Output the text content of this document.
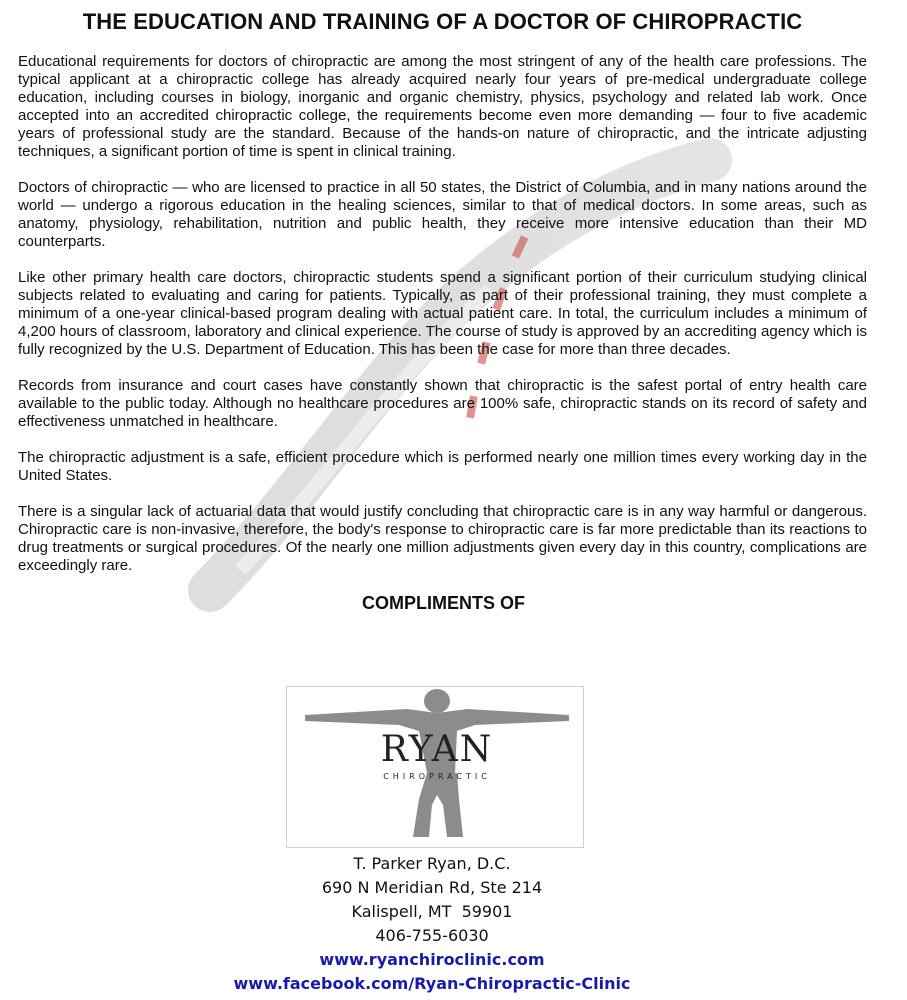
THE EDUCATION AND TRAINING OF A DOCTOR OF CHIROPRACTIC

Educational requirements for doctors of chiropractic are among the most stringent of any of the health care professions. The typical applicant at a chiropractic college has already acquired nearly four years of pre-medical undergraduate college education, including courses in biology, inorganic and organic chemistry, physics, psychology and related lab work. Once accepted into an accredited chiropractic college, the requirements become even more demanding — four to five academic years of professional study are the standard. Because of the hands-on nature of chiropractic, and the intricate adjusting techniques, a significant portion of time is spent in clinical training.

Doctors of chiropractic — who are licensed to practice in all 50 states, the District of Columbia, and in many nations around the world — undergo a rigorous education in the healing sciences, similar to that of medical doctors. In some areas, such as anatomy, physiology, rehabilitation, nutrition and public health, they receive more intensive education than their MD counterparts.

Like other primary health care doctors, chiropractic students spend a significant portion of their curriculum studying clinical subjects related to evaluating and caring for patients. Typically, as part of their professional training, they must complete a minimum of a one-year clinical-based program dealing with actual patient care. In total, the curriculum includes a minimum of 4,200 hours of classroom, laboratory and clinical experience. The course of study is approved by an accrediting agency which is fully recognized by the U.S. Department of Education. This has been the case for more than three decades.

Records from insurance and court cases have constantly shown that chiropractic is the safest portal of entry health care available to the public today. Although no healthcare procedures are 100% safe, chiropractic stands on its record of safety and effectiveness unmatched in healthcare.

The chiropractic adjustment is a safe, efficient procedure which is performed nearly one million times every working day in the United States.

There is a singular lack of actuarial data that would justify concluding that chiropractic care is in any way harmful or dangerous. Chiropractic care is non-invasive, therefore, the body's response to chiropractic care is far more predictable than its reactions to drug treatments or surgical procedures. Of the nearly one million adjustments given every day in this country, complications are exceedingly rare.

COMPLIMENTS OF
RYAN
CHIROPRACTIC
T. Parker Ryan, D.C.
690 N Meridian Rd, Ste 214
Kalispell, MT  59901
406-755-6030
www.ryanchiroclinic.com
www.facebook.com/Ryan-Chiropractic-Clinic
